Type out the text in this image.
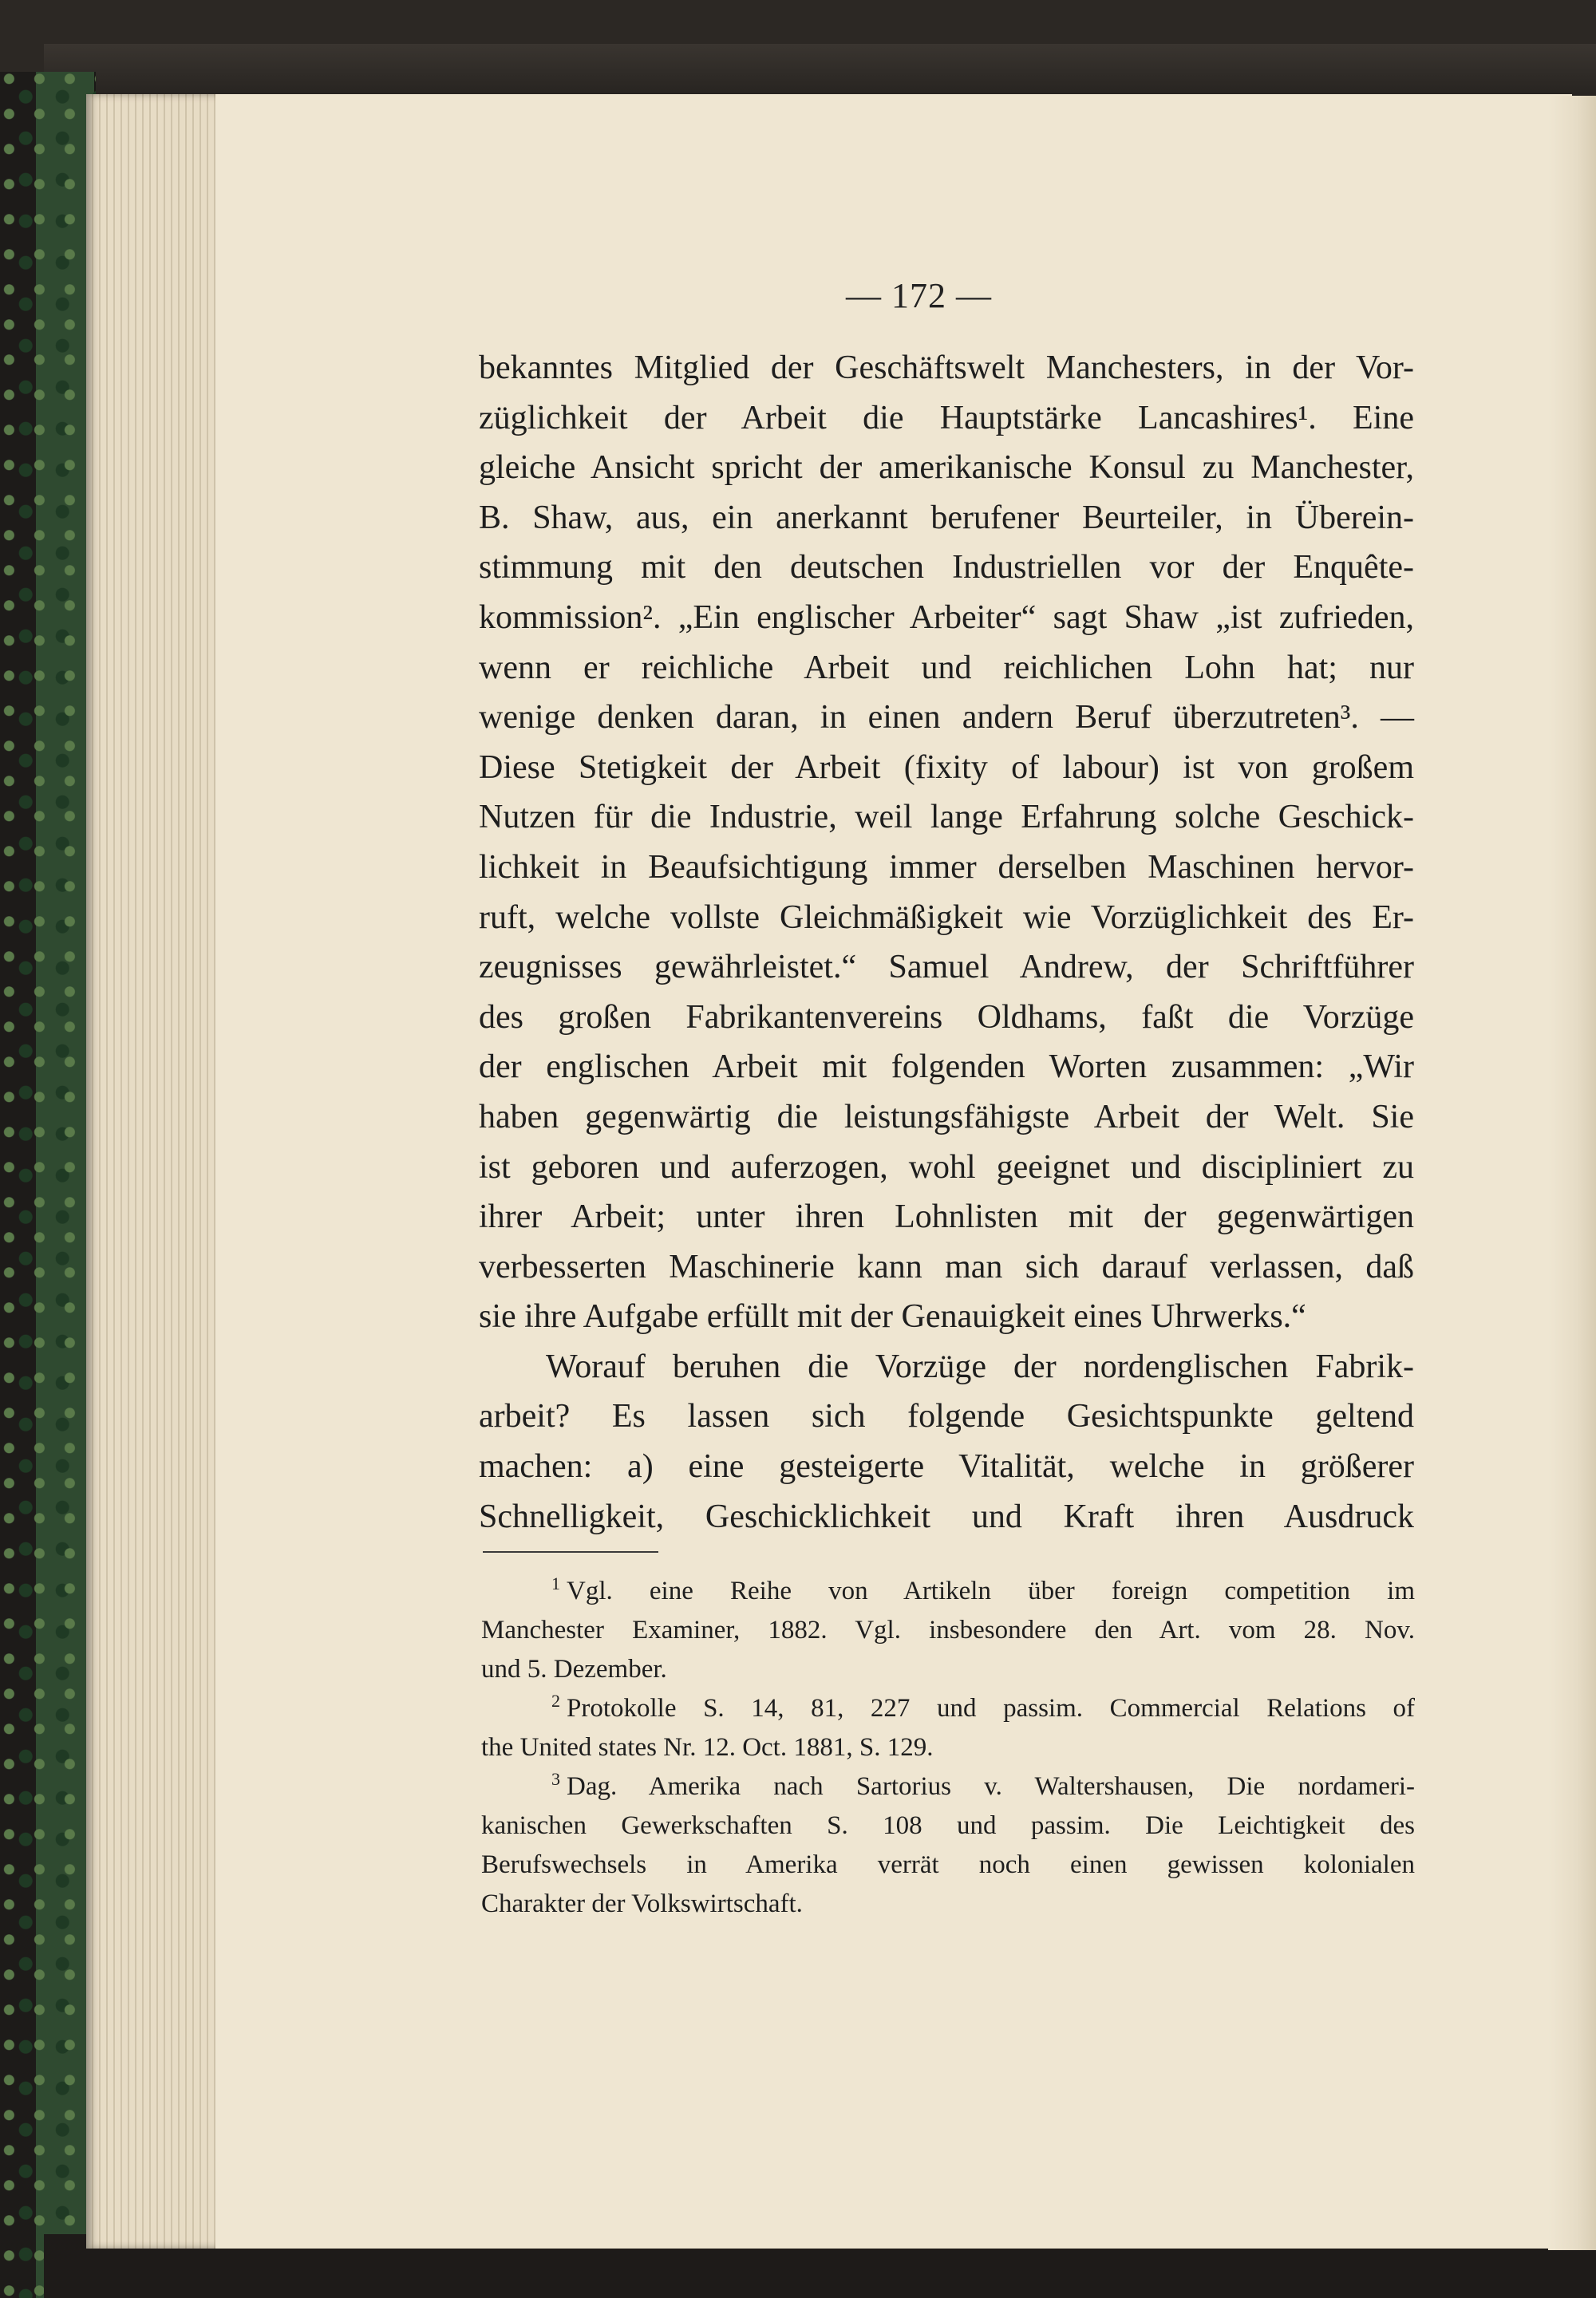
— 172 —
bekanntes Mitglied der Geschäftswelt Manchesters, in der Vor-
züglichkeit der Arbeit die Hauptstärke Lancashires¹. Eine
gleiche Ansicht spricht der amerikanische Konsul zu Manchester,
B. Shaw, aus, ein anerkannt berufener Beurteiler, in Überein-
stimmung mit den deutschen Industriellen vor der Enquête-
kommission². „Ein englischer Arbeiter“ sagt Shaw „ist zufrieden,
wenn er reichliche Arbeit und reichlichen Lohn hat; nur
wenige denken daran, in einen andern Beruf überzutreten³. —
Diese Stetigkeit der Arbeit (fixity of labour) ist von großem
Nutzen für die Industrie, weil lange Erfahrung solche Geschick-
lichkeit in Beaufsichtigung immer derselben Maschinen hervor-
ruft, welche vollste Gleichmäßigkeit wie Vorzüglichkeit des Er-
zeugnisses gewährleistet.“ Samuel Andrew, der Schriftführer
des großen Fabrikantenvereins Oldhams, faßt die Vorzüge
der englischen Arbeit mit folgenden Worten zusammen: „Wir
haben gegenwärtig die leistungsfähigste Arbeit der Welt. Sie
ist geboren und auferzogen, wohl geeignet und discipliniert zu
ihrer Arbeit; unter ihren Lohnlisten mit der gegenwärtigen
verbesserten Maschinerie kann man sich darauf verlassen, daß
sie ihre Aufgabe erfüllt mit der Genauigkeit eines Uhrwerks.“
Worauf beruhen die Vorzüge der nordenglischen Fabrik-
arbeit? Es lassen sich folgende Gesichtspunkte geltend
machen: a) eine gesteigerte Vitalität, welche in größerer
Schnelligkeit, Geschicklichkeit und Kraft ihren Ausdruck
$^1$ Vgl. eine Reihe von Artikeln über foreign competition im
Manchester Examiner, 1882. Vgl. insbesondere den Art. vom 28. Nov.
und 5. Dezember.
$^2$ Protokolle S. 14, 81, 227 und passim. Commercial Relations of
the United states Nr. 12. Oct. 1881, S. 129.
$^3$ Dag. Amerika nach Sartorius v. Waltershausen, Die nordameri-
kanischen Gewerkschaften S. 108 und passim. Die Leichtigkeit des
Berufswechsels in Amerika verrät noch einen gewissen kolonialen
Charakter der Volkswirtschaft.
